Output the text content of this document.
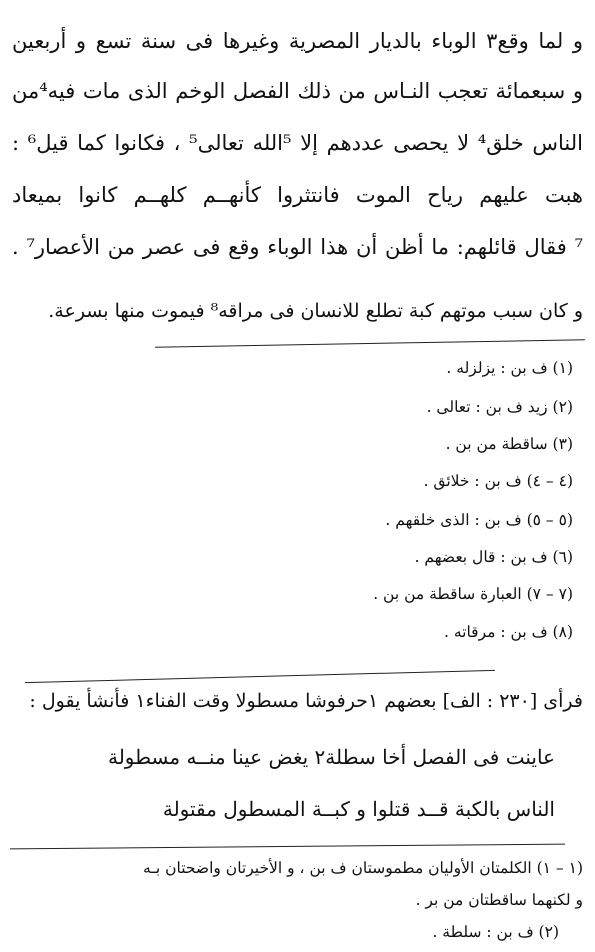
و لما وقع٣ الوباء بالديار المصرية وغيرها فى سنة تسع و أربعين
و سبعمائة تعجب النـاس من ذلك الفصل الوخم الذى مات فيه⁴من
الناس خلق⁴ لا يحصى عددهم إلا ⁵الله تعالى⁵ ، فكانوا كما قيل⁶ :
هبت عليهم رياح الموت فانتثروا كأنهــم كلهــم كانوا بميعاد
⁷ فقال قائلهم: ما أظن أن هذا الوباء وقع فى عصر من الأعصار⁷ .
و كان سبب موتهم كبة تطلع للانسان فى مراقه⁸ فيموت منها بسرعة.
(١) ف بن : يزلزله .
(٢) زيد ف بن : تعالى .
(٣) ساقطة من بن .
(٤ – ٤) ف بن : خلائق .
(٥ – ٥) ف بن : الذى خلقهم .
(٦) ف بن : قال بعضهم .
(٧ – ٧) العبارة ساقطة من بن .
(٨) ف بن : مرقاته .
فرأى [٢٣٠ : الف] بعضهم ١حرفوشا مسطولا وقت الفناء١ فأنشأ يقول :
عاينت فى الفصل أخا سطلة٢ يغض عينا منــه مسطولة
الناس بالكبة قــد قتلوا و كبــة المسطول مقتولة
(١ – ١) الكلمتان الأوليان مطموستان ف بن ، و الأخيرتان واضحتان بـه
و لكنهما ساقطتان من بر .
(٢) ف بن : سلطة .
